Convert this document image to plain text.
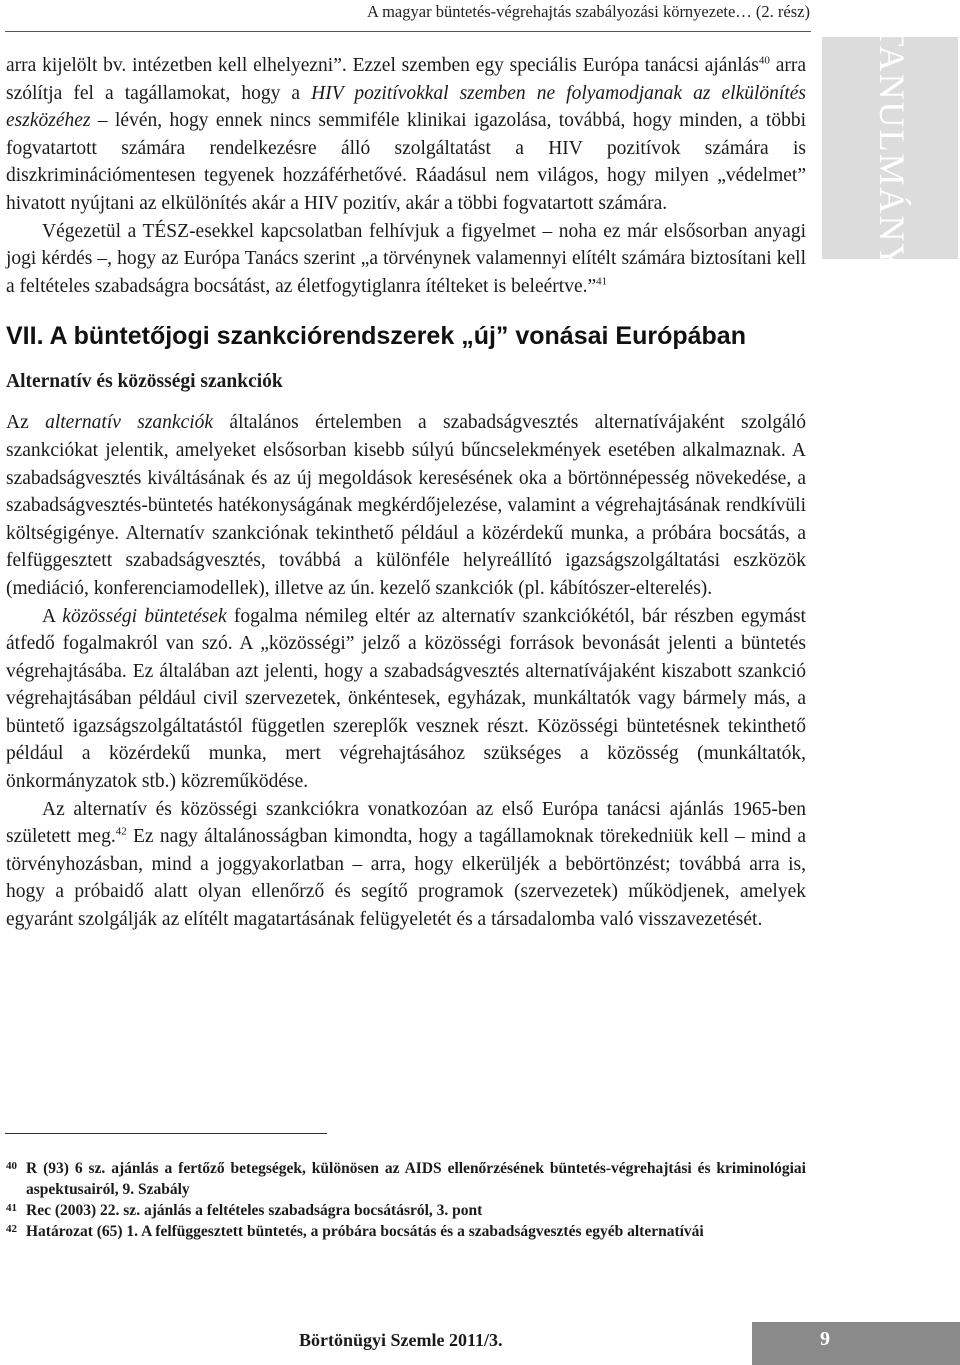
A magyar büntetés-végrehajtás szabályozási környezete… (2. rész)
TANULMÁNY

arra kijelölt bv. intézetben kell elhelyezni”. Ezzel szemben egy speciális Európa tanácsi ajánlás$^{40}$ arra szólítja fel a tagállamokat, hogy a HIV pozitívokkal szemben ne folyamodjanak az elkülönítés eszközéhez – lévén, hogy ennek nincs semmiféle klinikai igazolása, továbbá, hogy minden, a többi fogvatartott számára rendelkezésre álló szolgáltatást a HIV pozitívok számára is diszkriminációmentesen tegyenek hozzáférhetővé. Ráadásul nem világos, hogy milyen „védelmet” hivatott nyújtani az elkülönítés akár a HIV pozitív, akár a többi fogvatartott számára.

Végezetül a TÉSZ-esekkel kapcsolatban felhívjuk a figyelmet – noha ez már elsősorban anyagi jogi kérdés –, hogy az Európa Tanács szerint „a törvénynek valamennyi elítélt számára biztosítani kell a feltételes szabadságra bocsátást, az életfogytiglanra ítélteket is beleértve.”$^{41}$

VII. A büntetőjogi szankciórendszerek „új” vonásai Európában
Alternatív és közösségi szankciók

Az alternatív szankciók általános értelemben a szabadságvesztés alternatívájaként szolgáló szankciókat jelentik, amelyeket elsősorban kisebb súlyú bűncselekmények esetében alkalmaznak. A szabadságvesztés kiváltásának és az új megoldások keresésének oka a börtönnépesség növekedése, a szabadságvesztés-büntetés hatékonyságának megkérdőjelezése, valamint a végrehajtásának rendkívüli költségigénye. Alternatív szankciónak tekinthető például a közérdekű munka, a próbára bocsátás, a felfüggesztett szabadságvesztés, továbbá a különféle helyreállító igazságszolgáltatási eszközök (mediáció, konferenciamodellek), illetve az ún. kezelő szankciók (pl. kábítószer-elterelés).

A közösségi büntetések fogalma némileg eltér az alternatív szankciókétól, bár részben egymást átfedő fogalmakról van szó. A „közösségi” jelző a közösségi források bevonását jelenti a büntetés végrehajtásába. Ez általában azt jelenti, hogy a szabadságvesztés alternatívájaként kiszabott szankció végrehajtásában például civil szervezetek, önkéntesek, egyházak, munkáltatók vagy bármely más, a büntető igazságszolgáltatástól független szereplők vesznek részt. Közösségi büntetésnek tekinthető például a közérdekű munka, mert végrehajtásához szükséges a közösség (munkáltatók, önkormányzatok stb.) közreműködése.

Az alternatív és közösségi szankciókra vonatkozóan az első Európa tanácsi ajánlás 1965-ben született meg.$^{42}$ Ez nagy általánosságban kimondta, hogy a tagállamoknak törekedniük kell – mind a törvényhozásban, mind a joggyakorlatban – arra, hogy elkerüljék a bebörtönzést; továbbá arra is, hogy a próbaidő alatt olyan ellenőrző és segítő programok (szervezetek) működjenek, amelyek egyaránt szolgálják az elítélt magatartásának felügyeletét és a társadalomba való visszavezetését.

40 R (93) 6 sz. ajánlás a fertőző betegségek, különösen az AIDS ellenőrzésének büntetés-végrehajtási és kriminológiai aspektusairól, 9. Szabály
41 Rec (2003) 22. sz. ajánlás a feltételes szabadságra bocsátásról, 3. pont
42 Határozat (65) 1. A felfüggesztett büntetés, a próbára bocsátás és a szabadságvesztés egyéb alternatívái
Börtönügyi Szemle 2011/3.	9
